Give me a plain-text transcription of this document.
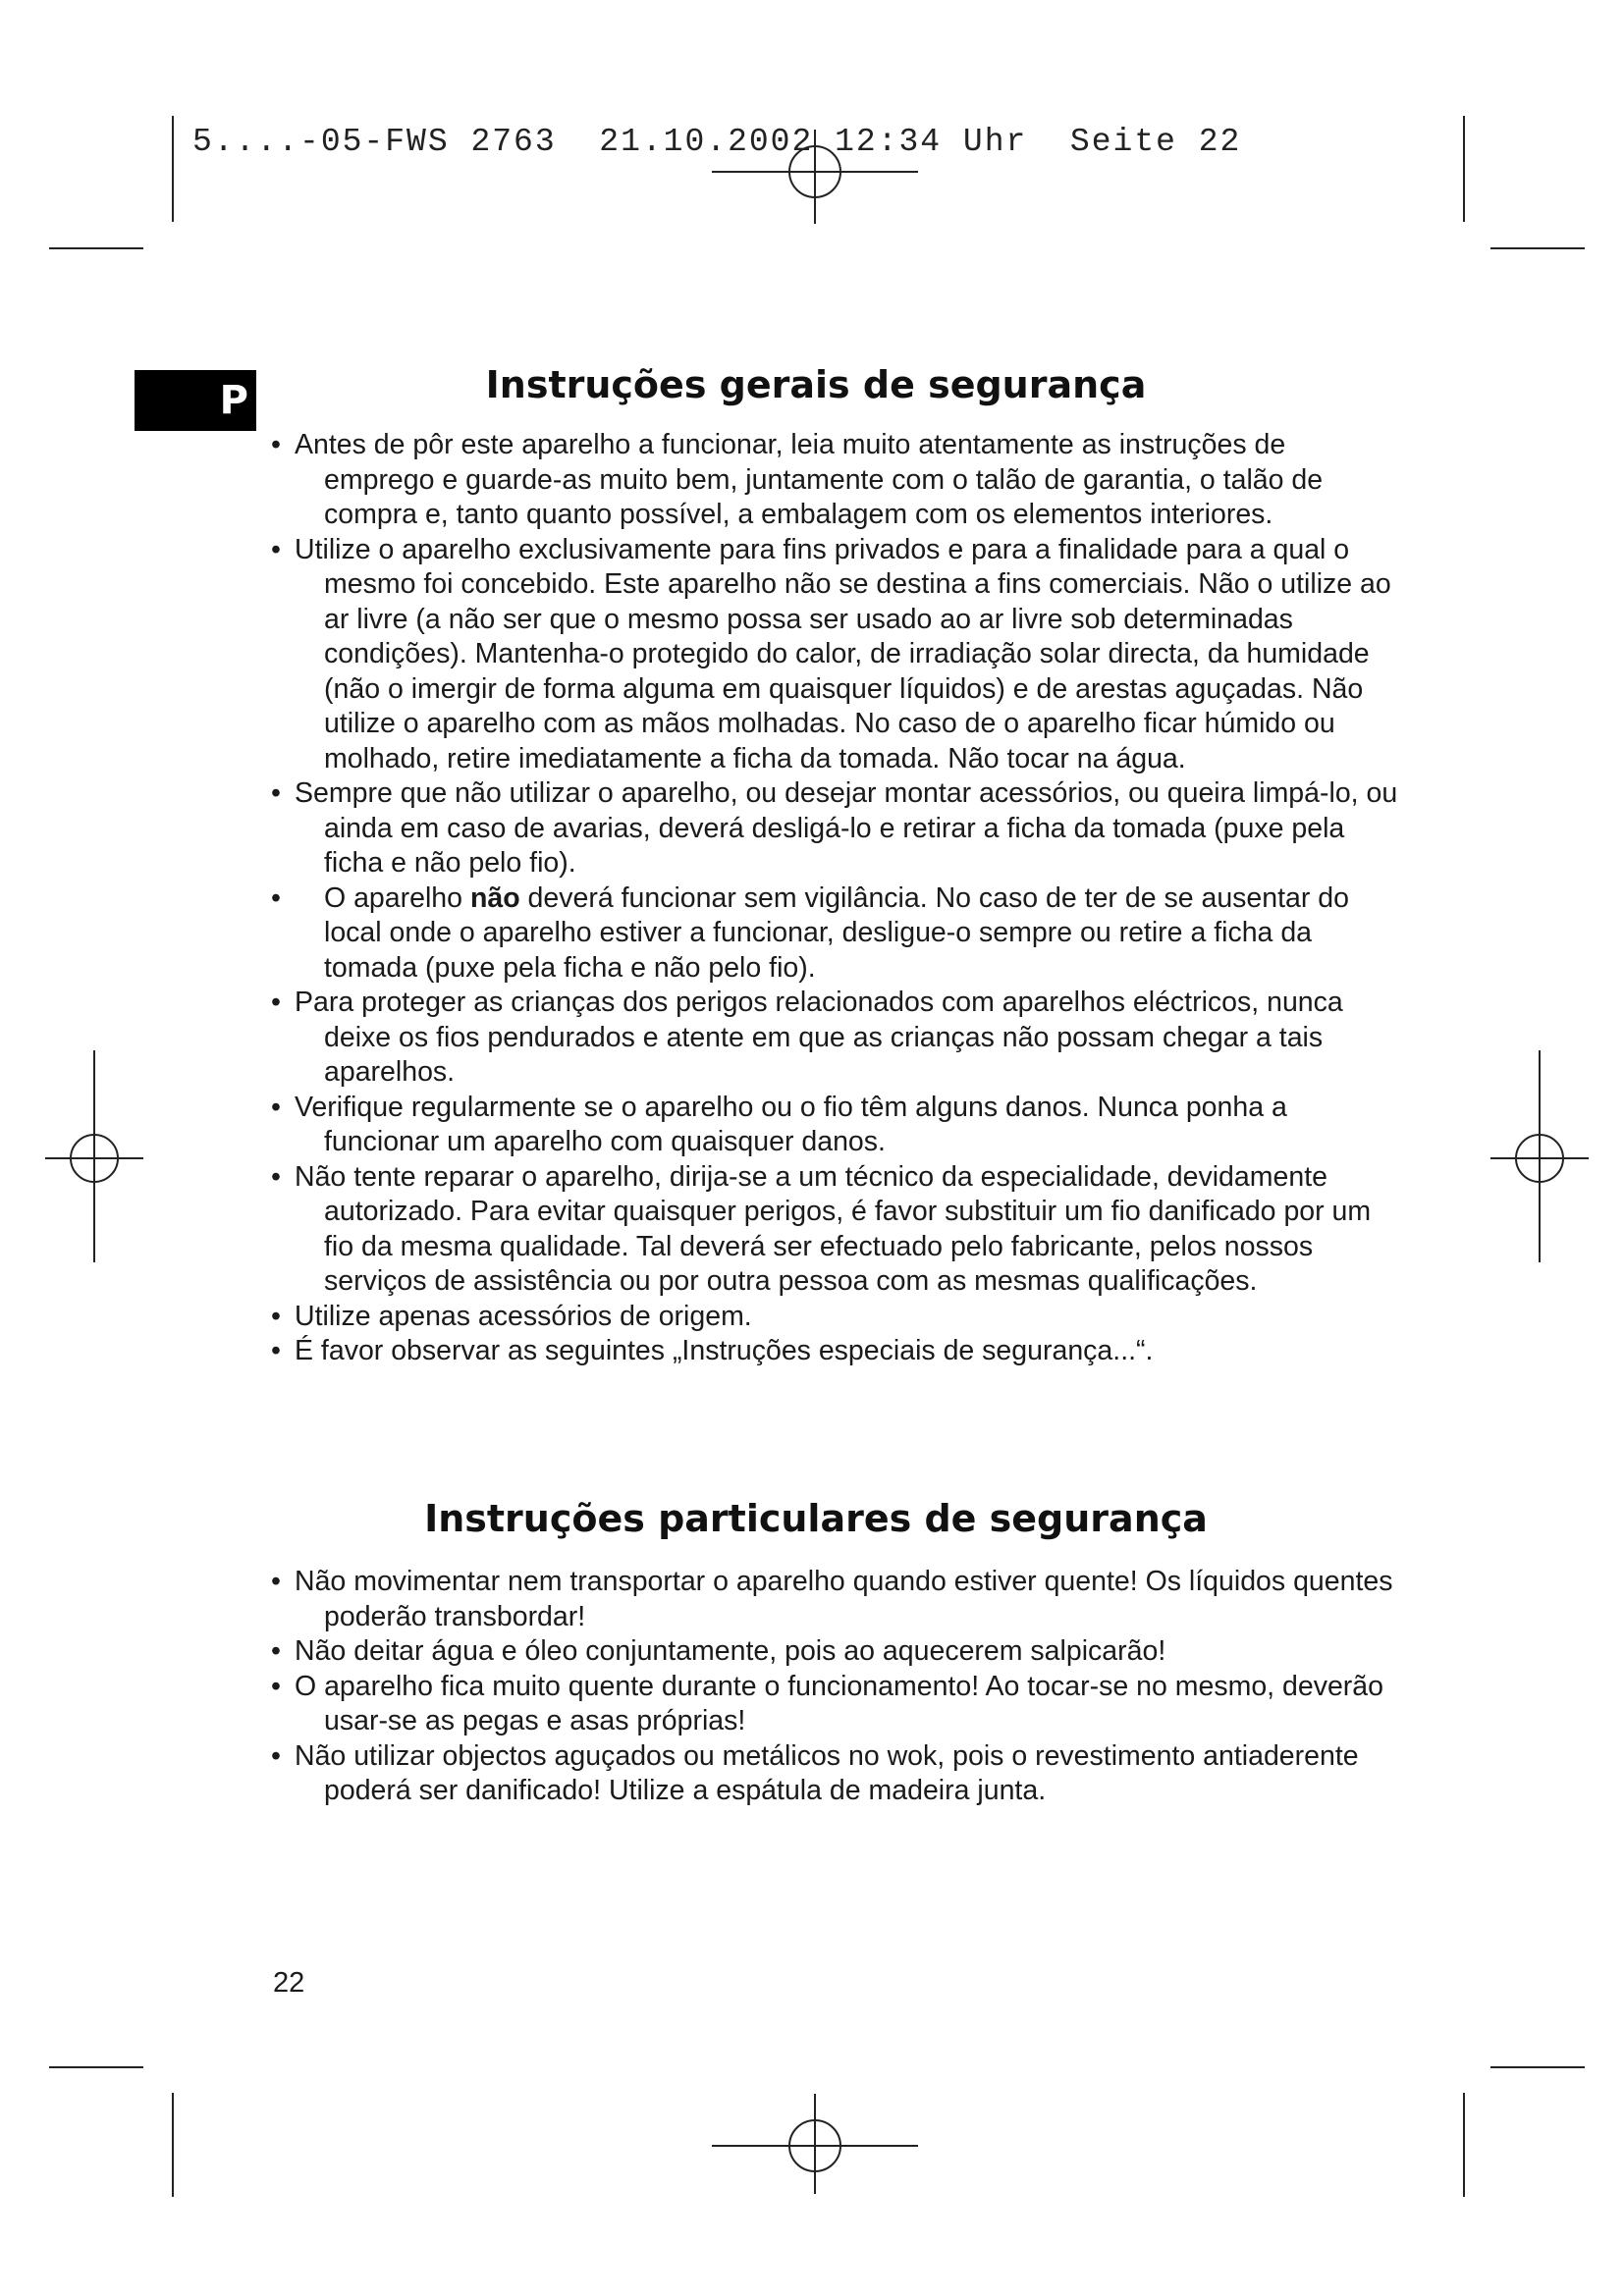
5....-05-FWS 2763  21.10.2002 12:34 Uhr  Seite 22
P	Instruções gerais de segurança
• Antes de pôr este aparelho a funcionar, leia muito atentamente as instruções de emprego e guarde-as muito bem, juntamente com o talão de garantia, o talão de compra e, tanto quanto possível, a embalagem com os elementos interiores.
• Utilize o aparelho exclusivamente para fins privados e para a finalidade para a qual o mesmo foi concebido. Este aparelho não se destina a fins comerciais. Não o utilize ao ar livre (a não ser que o mesmo possa ser usado ao ar livre sob determinadas condições). Mantenha-o protegido do calor, de irradiação solar directa, da humidade (não o imergir de forma alguma em quaisquer líquidos) e de arestas aguçadas. Não utilize o aparelho com as mãos molhadas. No caso de o aparelho ficar húmido ou molhado, retire imediatamente a ficha da tomada. Não tocar na água.
• Sempre que não utilizar o aparelho, ou desejar montar acessórios, ou queira limpá-lo, ou ainda em caso de avarias, deverá desligá-lo e retirar a ficha da tomada (puxe pela ficha e não pelo fio).
• O aparelho não deverá funcionar sem vigilância. No caso de ter de se ausentar do local onde o aparelho estiver a funcionar, desligue-o sempre ou retire a ficha da tomada (puxe pela ficha e não pelo fio).
• Para proteger as crianças dos perigos relacionados com aparelhos eléctricos, nunca deixe os fios pendurados e atente em que as crianças não possam chegar a tais aparelhos.
• Verifique regularmente se o aparelho ou o fio têm alguns danos. Nunca ponha a funcionar um aparelho com quaisquer danos.
• Não tente reparar o aparelho, dirija-se a um técnico da especialidade, devidamente autorizado. Para evitar quaisquer perigos, é favor substituir um fio danificado por um fio da mesma qualidade. Tal deverá ser efectuado pelo fabricante, pelos nossos serviços de assistência ou por outra pessoa com as mesmas qualificações.
• Utilize apenas acessórios de origem.
• É favor observar as seguintes „Instruções especiais de segurança...“.
Instruções particulares de segurança
• Não movimentar nem transportar o aparelho quando estiver quente! Os líquidos quentes poderão transbordar!
• Não deitar água e óleo conjuntamente, pois ao aquecerem salpicarão!
• O aparelho fica muito quente durante o funcionamento! Ao tocar-se no mesmo, deverão usar-se as pegas e asas próprias!
• Não utilizar objectos aguçados ou metálicos no wok, pois o revestimento antiaderente poderá ser danificado! Utilize a espátula de madeira junta.
22
